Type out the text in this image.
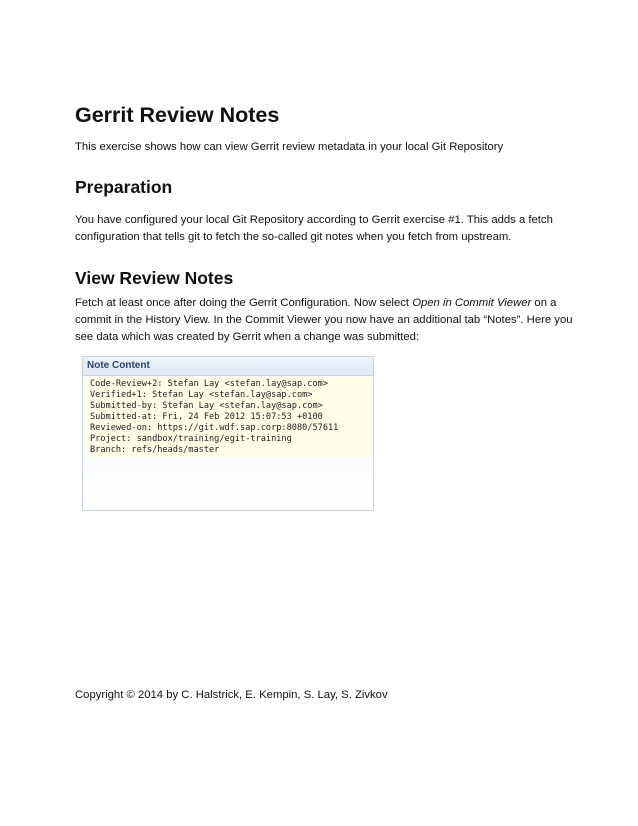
Gerrit Review Notes

This exercise shows how can view Gerrit review metadata in your local Git Repository

Preparation

You have configured your local Git Repository according to Gerrit exercise #1. This adds a fetch configuration that tells git to fetch the so-called git notes when you fetch from upstream.

View Review Notes

Fetch at least once after doing the Gerrit Configuration. Now select Open in Commit Viewer on a commit in the History View. In the Commit Viewer you now have an additional tab “Notes”. Here you see data which was created by Gerrit when a change was submitted:

Note Content
Code-Review+2: Stefan Lay <stefan.lay@sap.com>
Verified+1: Stefan Lay <stefan.lay@sap.com>
Submitted-by: Stefan Lay <stefan.lay@sap.com>
Submitted-at: Fri, 24 Feb 2012 15:07:53 +0100
Reviewed-on: https://git.wdf.sap.corp:8080/57611
Project: sandbox/training/egit-training
Branch: refs/heads/master

Copyright © 2014 by C. Halstrick, E. Kempin, S. Lay, S. Zivkov
